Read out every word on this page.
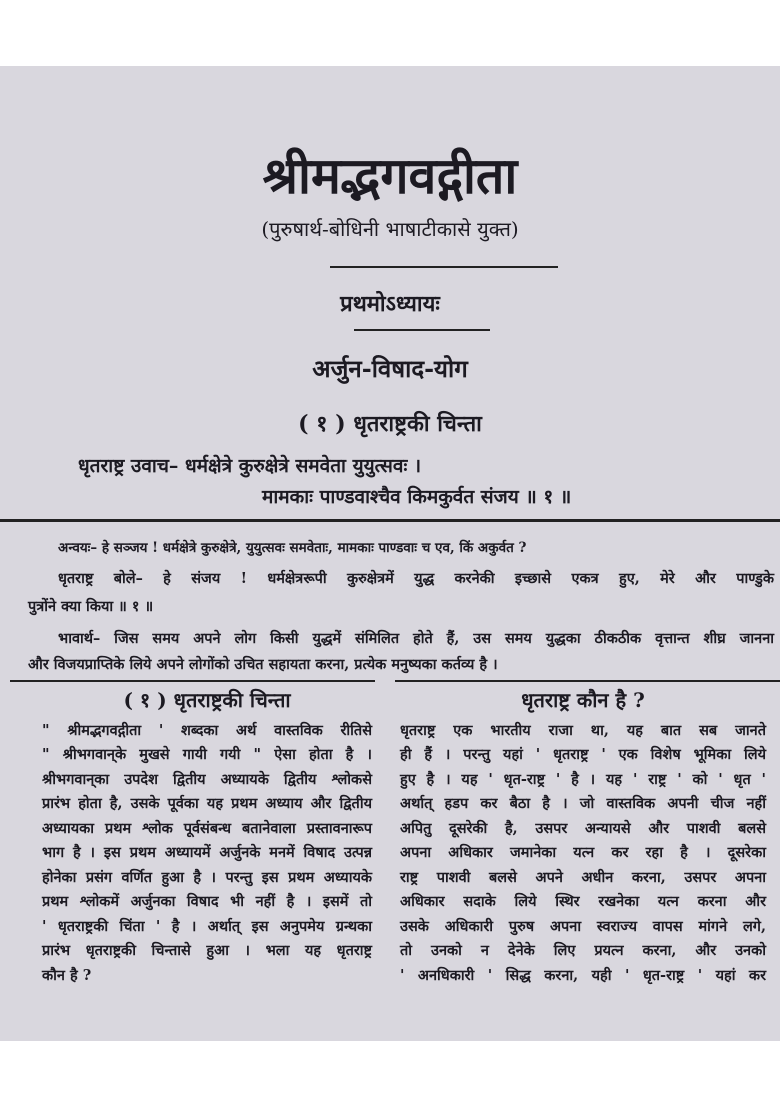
श्रीमद्भगवद्गीता
(पुरुषार्थ-बोधिनी भाषाटीकासे युक्त)
प्रथमोऽध्यायः
अर्जुन-विषाद-योग
( १ ) धृतराष्ट्रकी चिन्ता
धृतराष्ट्र उवाच– धर्मक्षेत्रे कुरुक्षेत्रे समवेता युयुत्सवः ।
मामकाः पाण्डवाश्चैव किमकुर्वत संजय ॥ १ ॥
अन्वयः– हे सञ्जय ! धर्मक्षेत्रे कुरुक्षेत्रे, युयुत्सवः समवेताः, मामकाः पाण्डवाः च एव, किं अकुर्वत ?
धृतराष्ट्र बोले– हे संजय ! धर्मक्षेत्ररूपी कुरुक्षेत्रमें युद्ध करनेकी इच्छासे एकत्र हुए, मेरे और पाण्डुके
पुत्रोंने क्या किया ॥ १ ॥
भावार्थ– जिस समय अपने लोग किसी युद्धमें संमिलित होते हैं, उस समय युद्धका ठीकठीक वृत्तान्त शीघ्र जानना
और विजयप्राप्तिके लिये अपने लोगोंको उचित सहायता करना, प्रत्येक मनुष्यका कर्तव्य है ।
( १ ) धृतराष्ट्रकी चिन्ता
" श्रीमद्भगवद्गीता ' शब्दका अर्थ वास्तविक रीतिसे
" श्रीभगवान्‌के मुखसे गायी गयी " ऐसा होता है ।
श्रीभगवान्‌का उपदेश द्वितीय अध्यायके द्वितीय श्लोकसे
प्रारंभ होता है, उसके पूर्वका यह प्रथम अध्याय और द्वितीय
अध्यायका प्रथम श्लोक पूर्वसंबन्ध बतानेवाला प्रस्तावनारूप
भाग है । इस प्रथम अध्यायमें अर्जुनके मनमें विषाद उत्पन्न
होनेका प्रसंग वर्णित हुआ है । परन्तु इस प्रथम अध्यायके
प्रथम श्लोकमें अर्जुनका विषाद भी नहीं है । इसमें तो
' धृतराष्ट्रकी चिंता ' है । अर्थात् इस अनुपमेय ग्रन्थका
प्रारंभ धृतराष्ट्रकी चिन्तासे हुआ । भला यह धृतराष्ट्र
कौन है ?
धृतराष्ट्र कौन है ?
धृतराष्ट्र एक भारतीय राजा था, यह बात सब जानते
ही हैं । परन्तु यहां ' धृतराष्ट्र ' एक विशेष भूमिका लिये
हुए है । यह ' धृत-राष्ट्र ' है । यह ' राष्ट्र ' को ' धृत '
अर्थात् हडप कर बैठा है । जो वास्तविक अपनी चीज नहीं
अपितु दूसरेकी है, उसपर अन्यायसे और पाशवी बलसे
अपना अधिकार जमानेका यत्न कर रहा है । दूसरेका
राष्ट्र पाशवी बलसे अपने अधीन करना, उसपर अपना
अधिकार सदाके लिये स्थिर रखनेका यत्न करना और
उसके अधिकारी पुरुष अपना स्वराज्य वापस मांगने लगे,
तो उनको न देनेके लिए प्रयत्न करना, और उनको
' अनधिकारी ' सिद्ध करना, यही ' धृत-राष्ट्र ' यहां कर
